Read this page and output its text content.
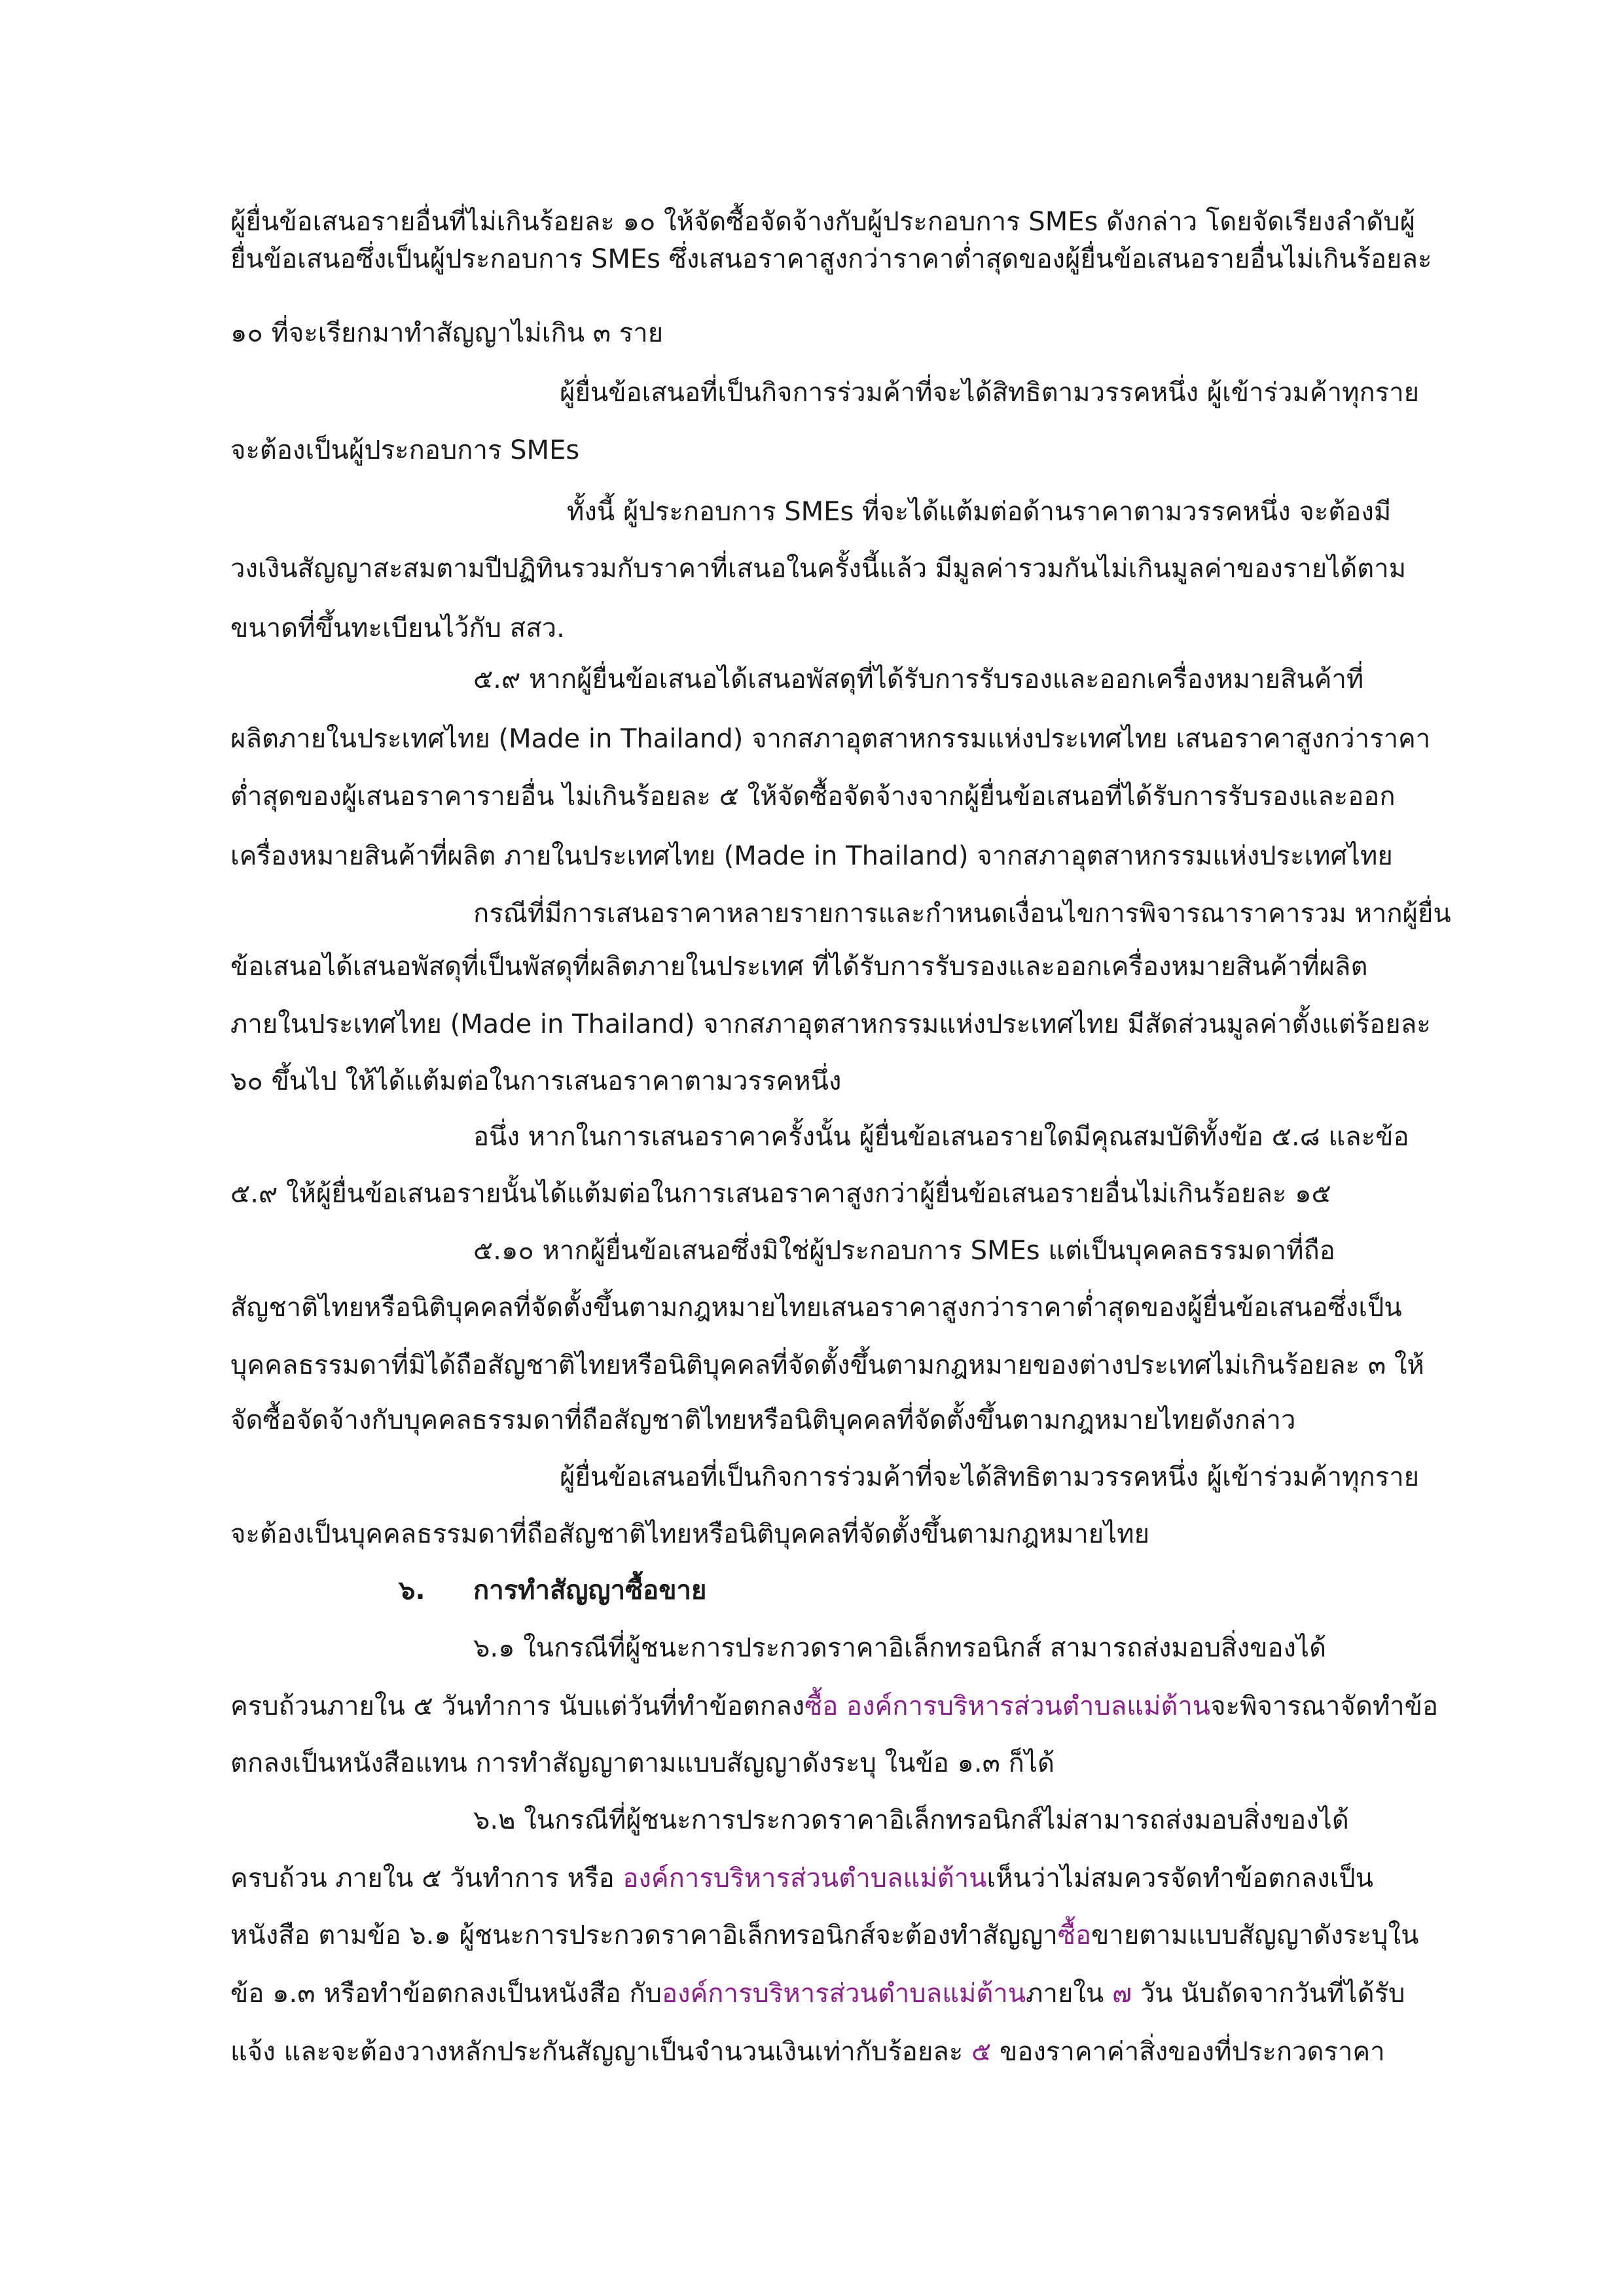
ผู้ยื่นข้อเสนอรายอื่นที่ไม่เกินร้อยละ ๑๐ ให้จัดซื้อจัดจ้างกับผู้ประกอบการ SMEs ดังกล่าว โดยจัดเรียงลำดับผู้

ยื่นข้อเสนอซึ่งเป็นผู้ประกอบการ SMEs ซึ่งเสนอราคาสูงกว่าราคาต่ำสุดของผู้ยื่นข้อเสนอรายอื่นไม่เกินร้อยละ

๑๐ ที่จะเรียกมาทำสัญญาไม่เกิน ๓ ราย

ผู้ยื่นข้อเสนอที่เป็นกิจการร่วมค้าที่จะได้สิทธิตามวรรคหนึ่ง ผู้เข้าร่วมค้าทุกราย

จะต้องเป็นผู้ประกอบการ SMEs

ทั้งนี้ ผู้ประกอบการ SMEs ที่จะได้แต้มต่อด้านราคาตามวรรคหนึ่ง จะต้องมี

วงเงินสัญญาสะสมตามปีปฏิทินรวมกับราคาที่เสนอในครั้งนี้แล้ว มีมูลค่ารวมกันไม่เกินมูลค่าของรายได้ตาม

ขนาดที่ขึ้นทะเบียนไว้กับ สสว.

๕.๙ หากผู้ยื่นข้อเสนอได้เสนอพัสดุที่ได้รับการรับรองและออกเครื่องหมายสินค้าที่

ผลิตภายในประเทศไทย (Made in Thailand) จากสภาอุตสาหกรรมแห่งประเทศไทย เสนอราคาสูงกว่าราคา

ต่ำสุดของผู้เสนอราคารายอื่น ไม่เกินร้อยละ ๕ ให้จัดซื้อจัดจ้างจากผู้ยื่นข้อเสนอที่ได้รับการรับรองและออก

เครื่องหมายสินค้าที่ผลิต ภายในประเทศไทย (Made in Thailand) จากสภาอุตสาหกรรมแห่งประเทศไทย

กรณีที่มีการเสนอราคาหลายรายการและกำหนดเงื่อนไขการพิจารณาราคารวม หากผู้ยื่น

ข้อเสนอได้เสนอพัสดุที่เป็นพัสดุที่ผลิตภายในประเทศ ที่ได้รับการรับรองและออกเครื่องหมายสินค้าที่ผลิต

ภายในประเทศไทย (Made in Thailand) จากสภาอุตสาหกรรมแห่งประเทศไทย มีสัดส่วนมูลค่าตั้งแต่ร้อยละ

๖๐ ขึ้นไป ให้ได้แต้มต่อในการเสนอราคาตามวรรคหนึ่ง

อนึ่ง หากในการเสนอราคาครั้งนั้น ผู้ยื่นข้อเสนอรายใดมีคุณสมบัติทั้งข้อ ๕.๘ และข้อ

๕.๙ ให้ผู้ยื่นข้อเสนอรายนั้นได้แต้มต่อในการเสนอราคาสูงกว่าผู้ยื่นข้อเสนอรายอื่นไม่เกินร้อยละ ๑๕

๕.๑๐ หากผู้ยื่นข้อเสนอซึ่งมิใช่ผู้ประกอบการ SMEs แต่เป็นบุคคลธรรมดาที่ถือ

สัญชาติไทยหรือนิติบุคคลที่จัดตั้งขึ้นตามกฎหมายไทยเสนอราคาสูงกว่าราคาต่ำสุดของผู้ยื่นข้อเสนอซึ่งเป็น

บุคคลธรรมดาที่มิได้ถือสัญชาติไทยหรือนิติบุคคลที่จัดตั้งขึ้นตามกฎหมายของต่างประเทศไม่เกินร้อยละ ๓ ให้

จัดซื้อจัดจ้างกับบุคคลธรรมดาที่ถือสัญชาติไทยหรือนิติบุคคลที่จัดตั้งขึ้นตามกฎหมายไทยดังกล่าว

ผู้ยื่นข้อเสนอที่เป็นกิจการร่วมค้าที่จะได้สิทธิตามวรรคหนึ่ง ผู้เข้าร่วมค้าทุกราย

จะต้องเป็นบุคคลธรรมดาที่ถือสัญชาติไทยหรือนิติบุคคลที่จัดตั้งขึ้นตามกฎหมายไทย

๖. การทำสัญญาซื้อขาย

๖.๑ ในกรณีที่ผู้ชนะการประกวดราคาอิเล็กทรอนิกส์ สามารถส่งมอบสิ่งของได้

ครบถ้วนภายใน ๕ วันทำการ นับแต่วันที่ทำข้อตกลงซื้อ องค์การบริหารส่วนตำบลแม่ต้านจะพิจารณาจัดทำข้อ

ตกลงเป็นหนังสือแทน การทำสัญญาตามแบบสัญญาดังระบุ ในข้อ ๑.๓ ก็ได้

๖.๒ ในกรณีที่ผู้ชนะการประกวดราคาอิเล็กทรอนิกส์ไม่สามารถส่งมอบสิ่งของได้

ครบถ้วน ภายใน ๕ วันทำการ หรือ องค์การบริหารส่วนตำบลแม่ต้านเห็นว่าไม่สมควรจัดทำข้อตกลงเป็น

หนังสือ ตามข้อ ๖.๑ ผู้ชนะการประกวดราคาอิเล็กทรอนิกส์จะต้องทำสัญญาซื้อขายตามแบบสัญญาดังระบุใน

ข้อ ๑.๓ หรือทำข้อตกลงเป็นหนังสือ กับองค์การบริหารส่วนตำบลแม่ต้านภายใน ๗ วัน นับถัดจากวันที่ได้รับ

แจ้ง และจะต้องวางหลักประกันสัญญาเป็นจำนวนเงินเท่ากับร้อยละ ๕ ของราคาค่าสิ่งของที่ประกวดราคา
